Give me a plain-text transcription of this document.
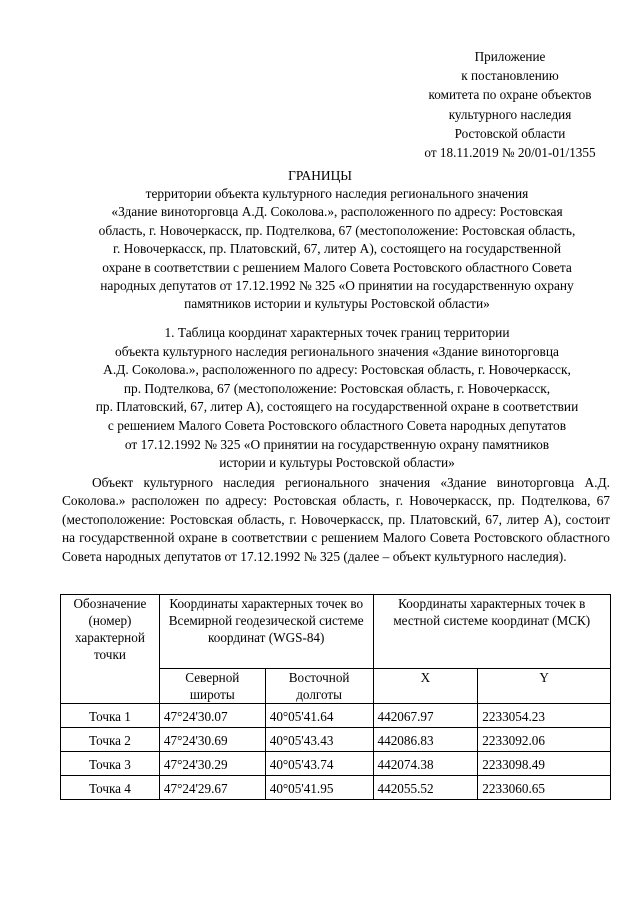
Приложение
к постановлению
комитета по охране объектов
культурного наследия
Ростовской области
от 18.11.2019 № 20/01-01/1355
ГРАНИЦЫ
территории объекта культурного наследия регионального значения
«Здание виноторговца А.Д. Соколова.», расположенного по адресу: Ростовская
область, г. Новочеркасск, пр. Подтелкова, 67 (местоположение: Ростовская область,
г. Новочеркасск, пр. Платовский, 67, литер А), состоящего на государственной
охране в соответствии с решением Малого Совета Ростовского областного Совета
народных депутатов от 17.12.1992 № 325 «О принятии на государственную охрану
памятников истории и культуры Ростовской области»
1. Таблица координат характерных точек границ территории
объекта культурного наследия регионального значения «Здание виноторговца
А.Д. Соколова.», расположенного по адресу: Ростовская область, г. Новочеркасск,
пр. Подтелкова, 67 (местоположение: Ростовская область, г. Новочеркасск,
пр. Платовский, 67, литер А), состоящего на государственной охране в соответствии
с решением Малого Совета Ростовского областного Совета народных депутатов
от 17.12.1992 № 325 «О принятии на государственную охрану памятников
истории и культуры Ростовской области»

Объект культурного наследия регионального значения «Здание виноторговца А.Д. Соколова.» расположен по адресу: Ростовская область, г. Новочеркасск, пр. Подтелкова, 67 (местоположение: Ростовская область, г. Новочеркасск, пр. Платовский, 67, литер А), состоит на государственной охране в соответствии с решением Малого Совета Ростовского областного Совета народных депутатов от 17.12.1992 № 325 (далее – объект культурного наследия).

Обозначение (номер) характерной точки	Координаты характерных точек во Всемирной геодезической системе координат (WGS-84)		Координаты характерных точек в местной системе координат (МСК)	
	Северной широты	Восточной долготы	X	Y
Точка 1	47°24'30.07	40°05'41.64	442067.97	2233054.23
Точка 2	47°24'30.69	40°05'43.43	442086.83	2233092.06
Точка 3	47°24'30.29	40°05'43.74	442074.38	2233098.49
Точка 4	47°24'29.67	40°05'41.95	442055.52	2233060.65
